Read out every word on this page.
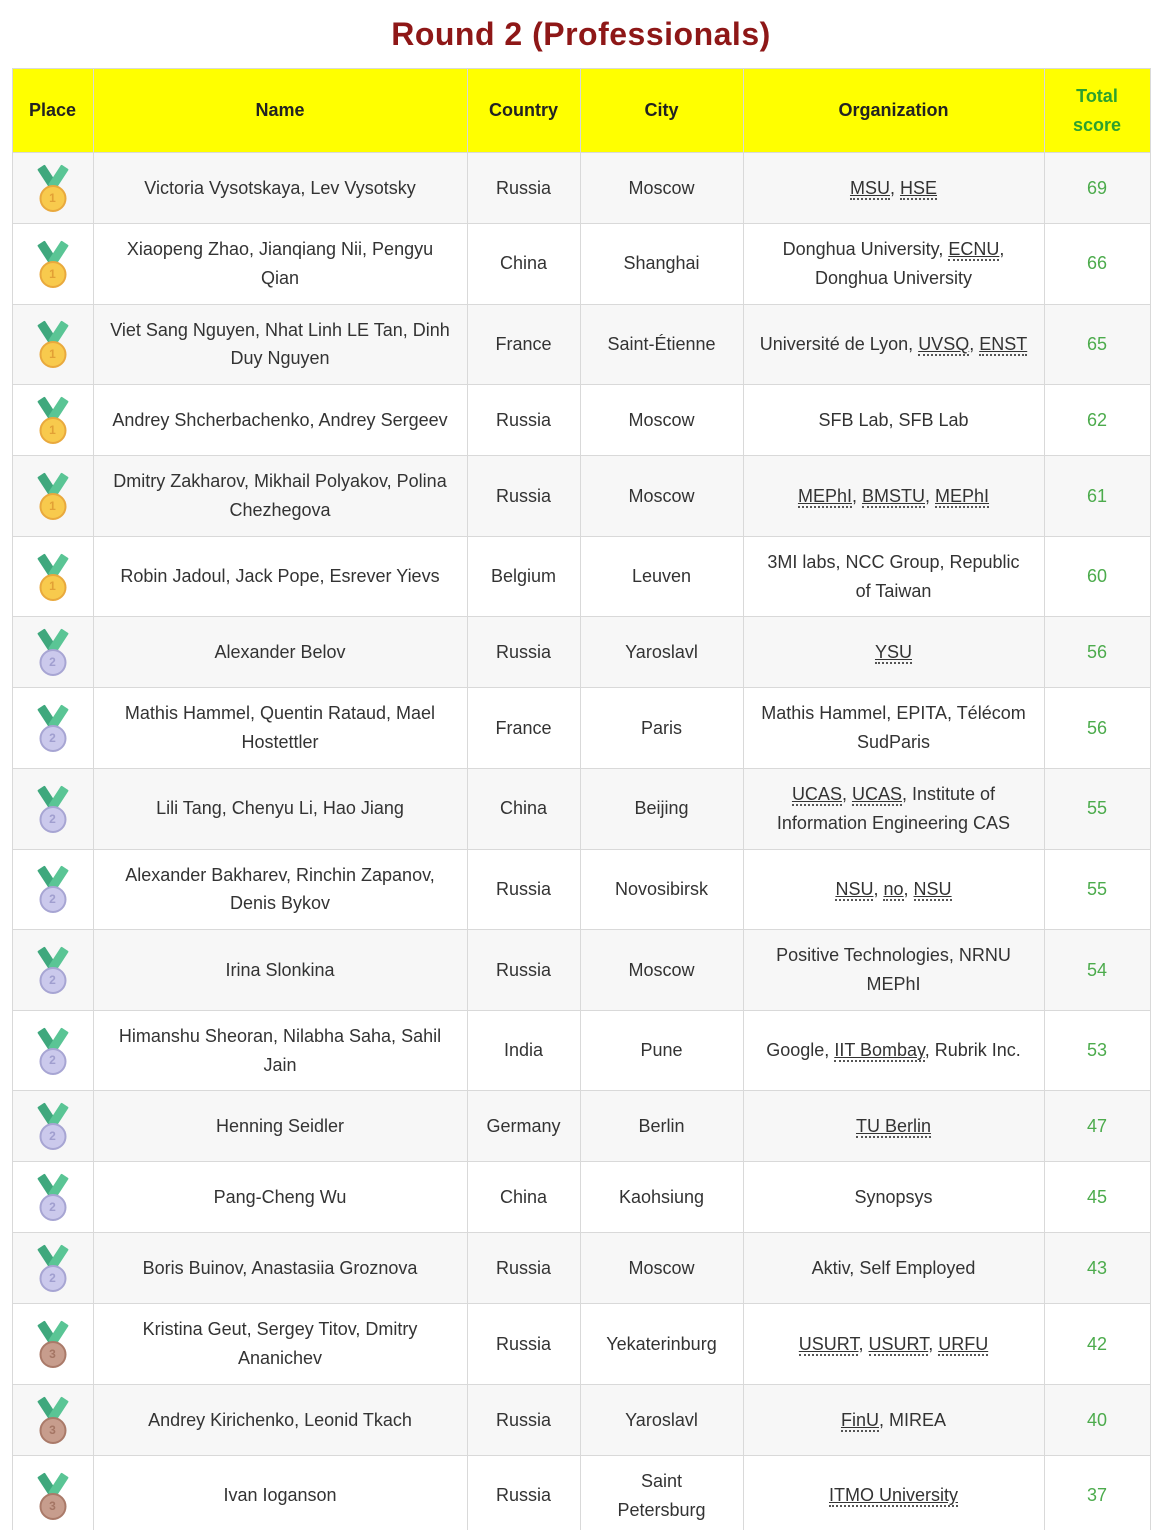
Round 2 (Professionals)
Place	Name	Country	City	Organization	Total score

1	Victoria Vysotskaya, Lev Vysotsky	Russia	Moscow	MSU, HSE	69

1	Xiaopeng Zhao, Jianqiang Nii, Pengyu Qian	China	Shanghai	Donghua University, ECNU, Donghua University	66

1	Viet Sang Nguyen, Nhat Linh LE Tan, Dinh Duy Nguyen	France	Saint-Étienne	Université de Lyon, UVSQ, ENST	65

1	Andrey Shcherbachenko, Andrey Sergeev	Russia	Moscow	SFB Lab, SFB Lab	62

1	Dmitry Zakharov, Mikhail Polyakov, Polina Chezhegova	Russia	Moscow	MEPhI, BMSTU, MEPhI	61

1	Robin Jadoul, Jack Pope, Esrever Yievs	Belgium	Leuven	3MI labs, NCC Group, Republic of Taiwan	60

2	Alexander Belov	Russia	Yaroslavl	YSU	56

2	Mathis Hammel, Quentin Rataud, Mael Hostettler	France	Paris	Mathis Hammel, EPITA, Télécom SudParis	56

2	Lili Tang, Chenyu Li, Hao Jiang	China	Beijing	UCAS, UCAS, Institute of Information Engineering CAS	55

2	Alexander Bakharev, Rinchin Zapanov, Denis Bykov	Russia	Novosibirsk	NSU, no, NSU	55

2	Irina Slonkina	Russia	Moscow	Positive Technologies, NRNU MEPhI	54

2	Himanshu Sheoran, Nilabha Saha, Sahil Jain	India	Pune	Google, IIT Bombay, Rubrik Inc.	53

2	Henning Seidler	Germany	Berlin	TU Berlin	47

2	Pang-Cheng Wu	China	Kaohsiung	Synopsys	45

2	Boris Buinov, Anastasiia Groznova	Russia	Moscow	Aktiv, Self Employed	43

3	Kristina Geut, Sergey Titov, Dmitry Ananichev	Russia	Yekaterinburg	USURT, USURT, URFU	42

3	Andrey Kirichenko, Leonid Tkach	Russia	Yaroslavl	FinU, MIREA	40

3	Ivan Ioganson	Russia	Saint Petersburg	ITMO University	37
